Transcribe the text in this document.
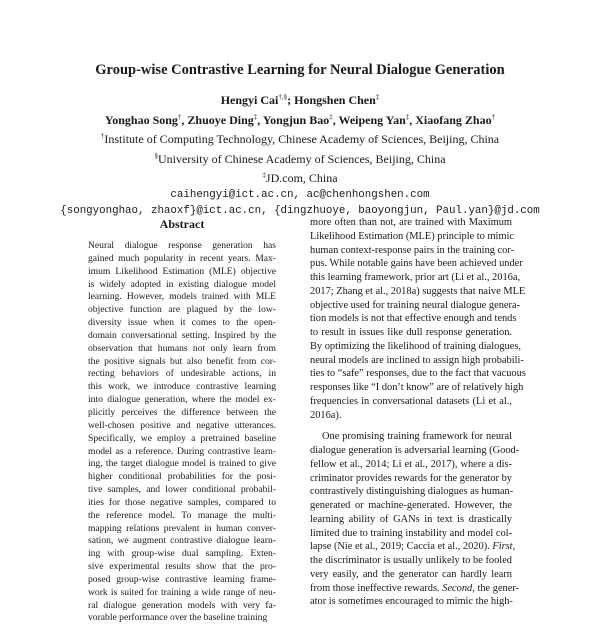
Group-wise Contrastive Learning for Neural Dialogue Generation
Hengyi Cai†,§; Hongshen Chen‡
Yonghao Song†, Zhuoye Ding‡, Yongjun Bao‡, Weipeng Yan‡, Xiaofang Zhao†
†Institute of Computing Technology, Chinese Academy of Sciences, Beijing, China
§University of Chinese Academy of Sciences, Beijing, China
‡JD.com, China
caihengyi@ict.ac.cn, ac@chenhongshen.com
{songyonghao, zhaoxf}@ict.ac.cn, {dingzhuoye, baoyongjun, Paul.yan}@jd.com
Abstract
Neural dialogue response generation has
gained much popularity in recent years. Max-
imum Likelihood Estimation (MLE) objective
is widely adopted in existing dialogue model
learning. However, models trained with MLE
objective function are plagued by the low-
diversity issue when it comes to the open-
domain conversational setting. Inspired by the
observation that humans not only learn from
the positive signals but also benefit from cor-
recting behaviors of undesirable actions, in
this work, we introduce contrastive learning
into dialogue generation, where the model ex-
plicitly perceives the difference between the
well-chosen positive and negative utterances.
Specifically, we employ a pretrained baseline
model as a reference. During contrastive learn-
ing, the target dialogue model is trained to give
higher conditional probabilities for the posi-
tive samples, and lower conditional probabil-
ities for those negative samples, compared to
the reference model. To manage the multi-
mapping relations prevalent in human conver-
sation, we augment contrastive dialogue learn-
ing with group-wise dual sampling. Exten-
sive experimental results show that the pro-
posed group-wise contrastive learning frame-
work is suited for training a wide range of neu-
ral dialogue generation models with very fa-
vorable performance over the baseline training
more often than not, are trained with Maximum
Likelihood Estimation (MLE) principle to mimic
human context-response pairs in the training cor-
pus. While notable gains have been achieved under
this learning framework, prior art (Li et al., 2016a,
2017; Zhang et al., 2018a) suggests that naive MLE
objective used for training neural dialogue genera-
tion models is not that effective enough and tends
to result in issues like dull response generation.
By optimizing the likelihood of training dialogues,
neural models are inclined to assign high probabili-
ties to “safe” responses, due to the fact that vacuous
responses like “I don’t know” are of relatively high
frequencies in conversational datasets (Li et al.,
2016a).
One promising training framework for neural
dialogue generation is adversarial learning (Good-
fellow et al., 2014; Li et al., 2017), where a dis-
criminator provides rewards for the generator by
contrastively distinguishing dialogues as human-
generated or machine-generated. However, the
learning ability of GANs in text is drastically
limited due to training instability and model col-
lapse (Nie et al., 2019; Caccia et al., 2020). First,
the discriminator is usually unlikely to be fooled
very easily, and the generator can hardly learn
from those ineffective rewards. Second, the gener-
ator is sometimes encouraged to mimic the high-
